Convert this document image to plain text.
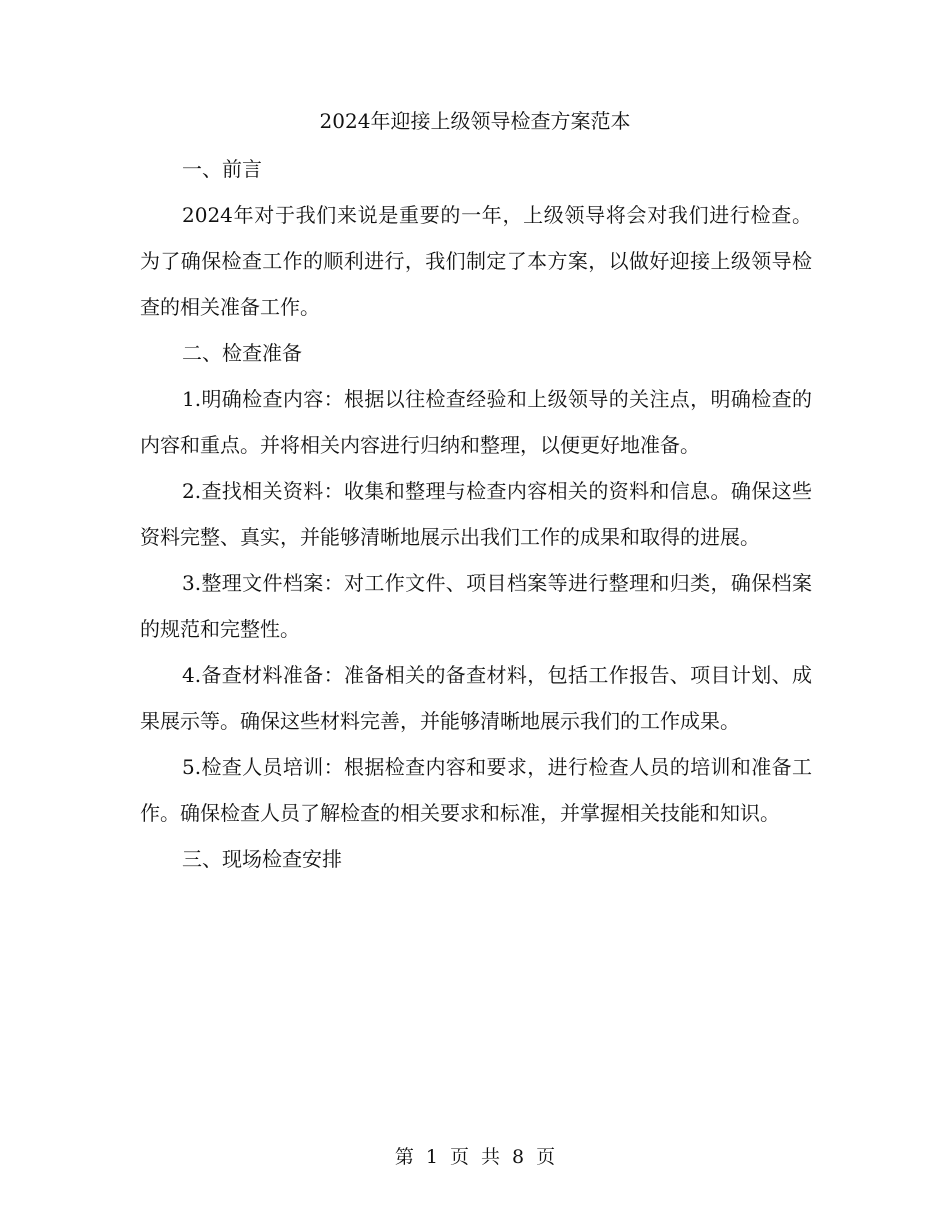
2024年迎接上级领导检查方案范本

一、前言

2024年对于我们来说是重要的一年，上级领导将会对我们进行检查。为了确保检查工作的顺利进行，我们制定了本方案，以做好迎接上级领导检查的相关准备工作。

二、检查准备

1.明确检查内容：根据以往检查经验和上级领导的关注点，明确检查的内容和重点。并将相关内容进行归纳和整理，以便更好地准备。

2.查找相关资料：收集和整理与检查内容相关的资料和信息。确保这些资料完整、真实，并能够清晰地展示出我们工作的成果和取得的进展。

3.整理文件档案：对工作文件、项目档案等进行整理和归类，确保档案的规范和完整性。

4.备查材料准备：准备相关的备查材料，包括工作报告、项目计划、成果展示等。确保这些材料完善，并能够清晰地展示我们的工作成果。

5.检查人员培训：根据检查内容和要求，进行检查人员的培训和准备工作。确保检查人员了解检查的相关要求和标准，并掌握相关技能和知识。

三、现场检查安排

第 1 页 共 8 页
